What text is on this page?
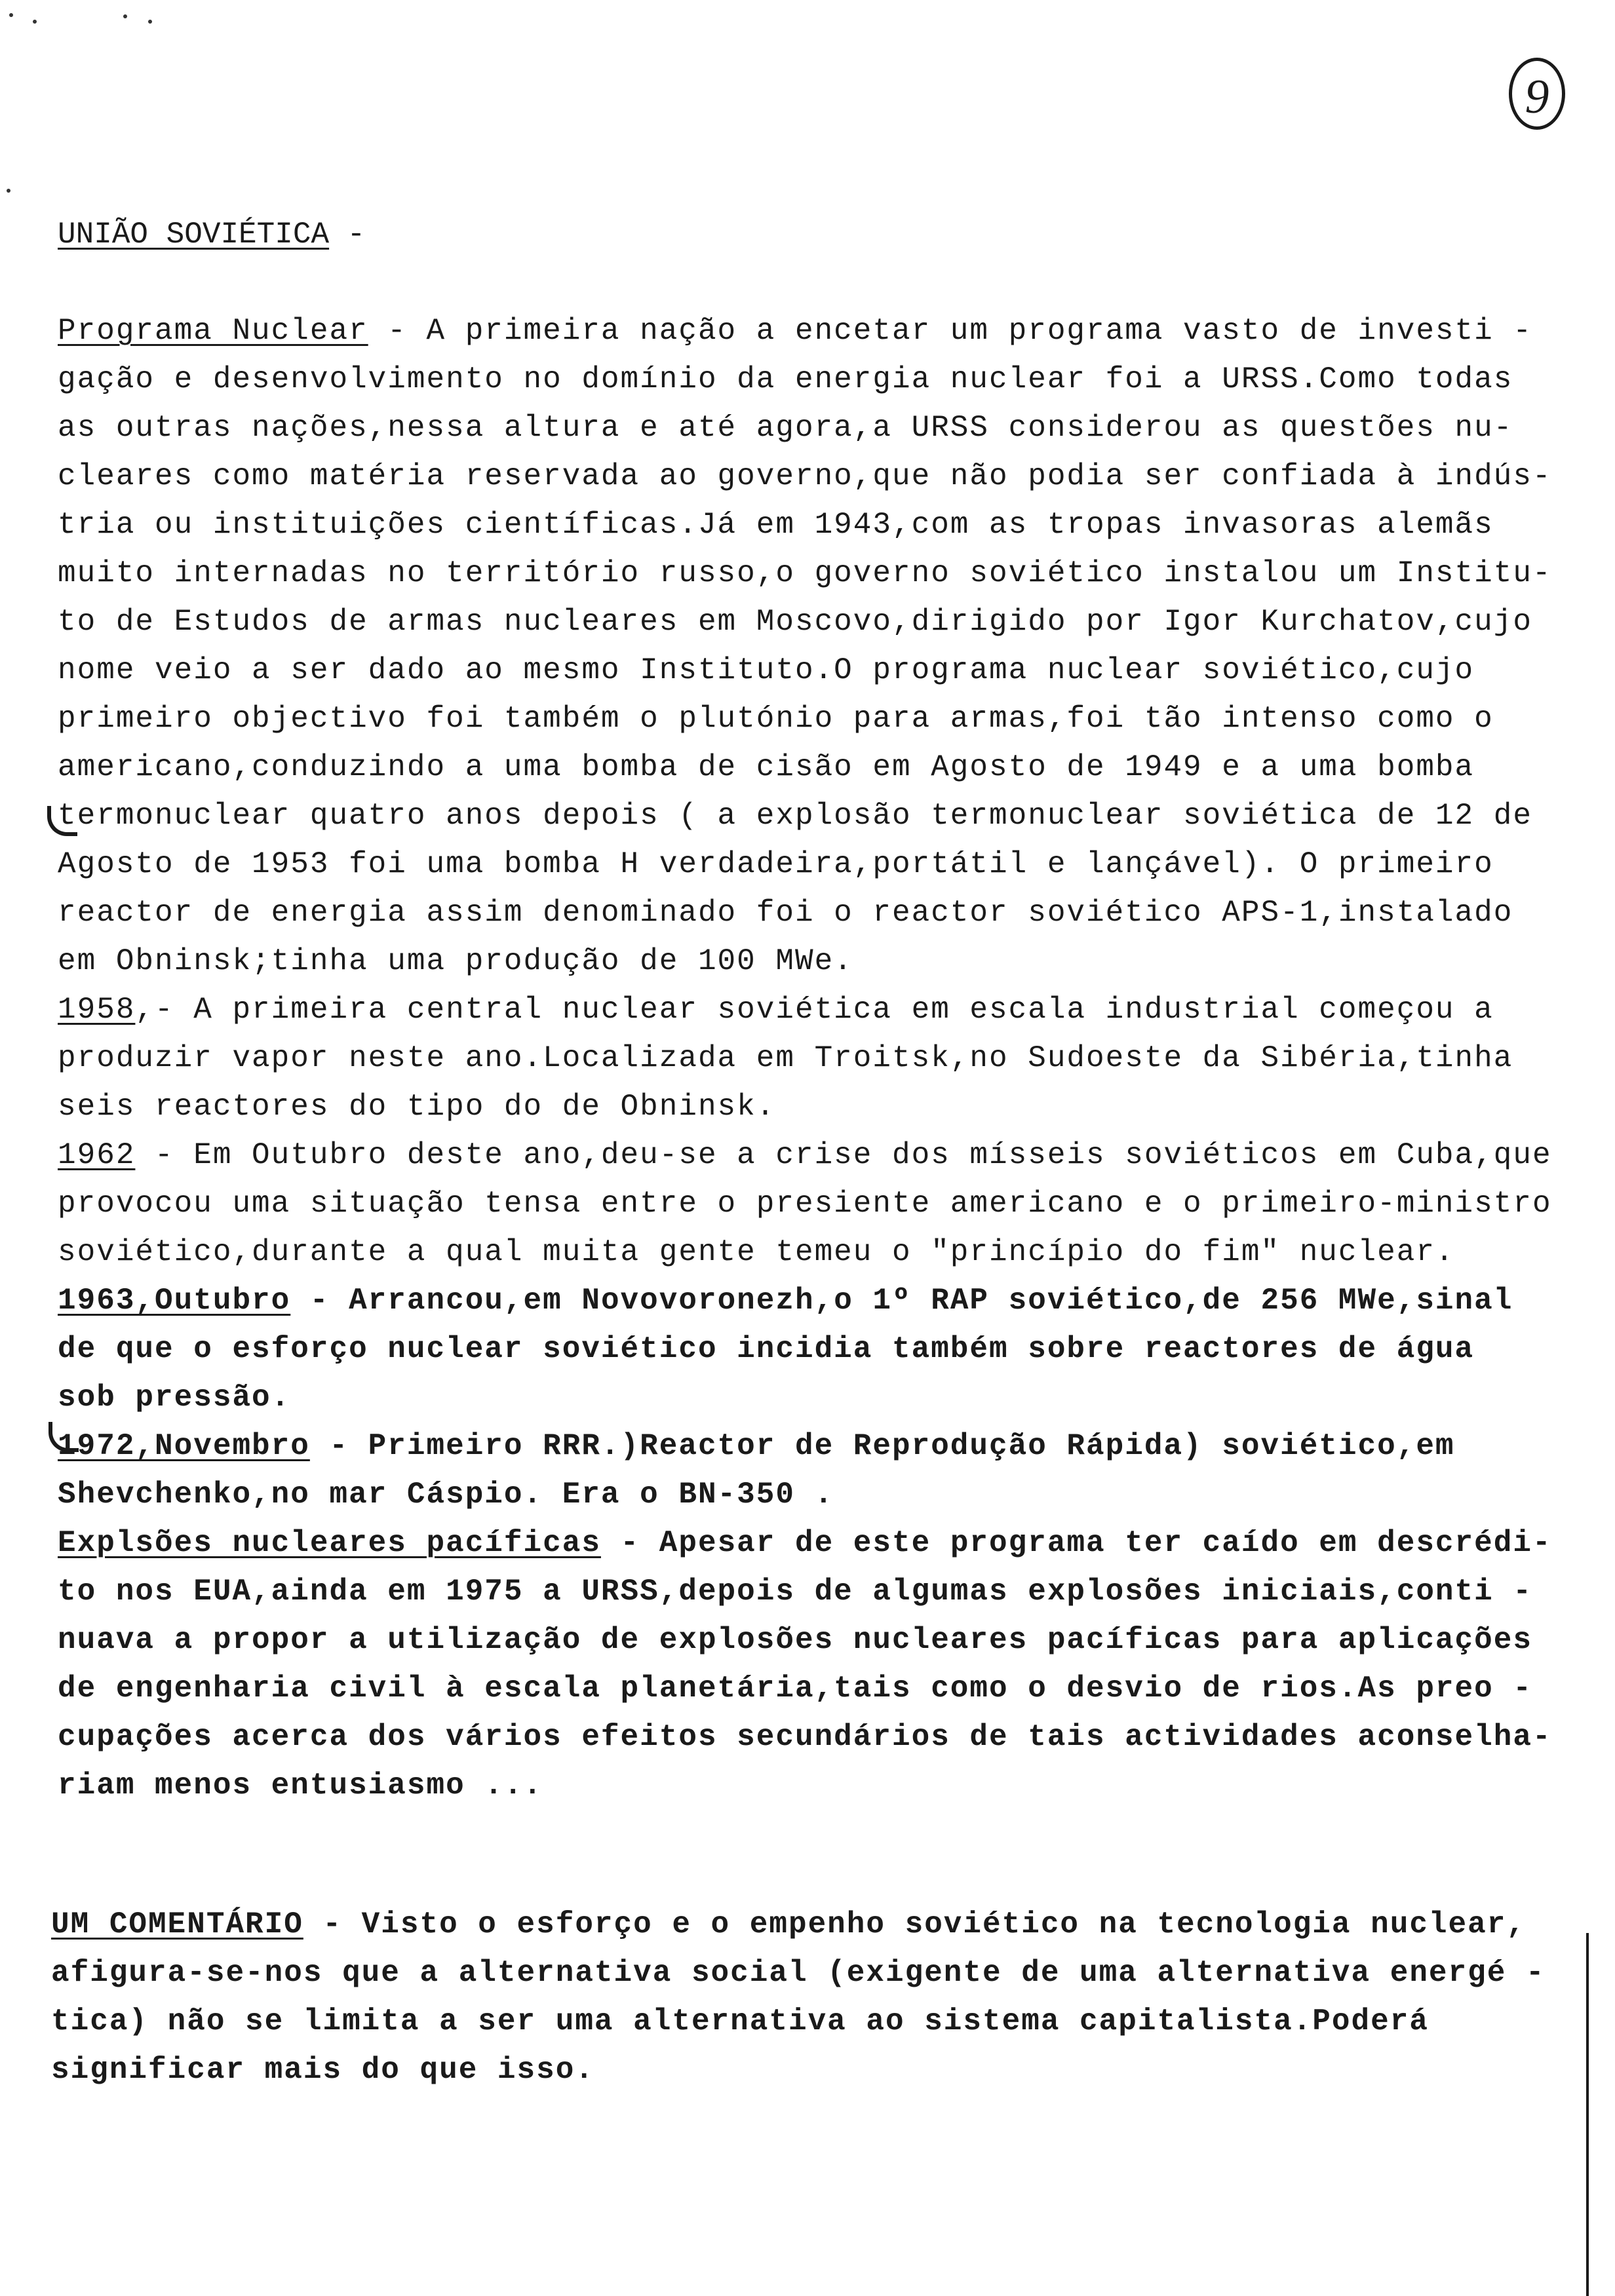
9
UNIÃO SOVIÉTICA -
Programa Nuclear - A primeira nação a encetar um programa vasto de investi -
gação e desenvolvimento no domínio da energia nuclear foi a URSS.Como todas
as outras nações,nessa altura e até agora,a URSS considerou as questões nu-
cleares como matéria reservada ao governo,que não podia ser confiada à indús-
tria ou instituições científicas.Já em 1943,com as tropas invasoras alemãs
muito internadas no território russo,o governo soviético instalou um Institu-
to de Estudos de armas nucleares em Moscovo,dirigido por Igor Kurchatov,cujo
nome veio a ser dado ao mesmo Instituto.O programa nuclear soviético,cujo
primeiro objectivo foi também o plutónio para armas,foi tão intenso como o
americano,conduzindo a uma bomba de cisão em Agosto de 1949 e a uma bomba
termonuclear quatro anos depois ( a explosão termonuclear soviética de 12 de
Agosto de 1953 foi uma bomba H verdadeira,portátil e lançável). O primeiro
reactor de energia assim denominado foi o reactor soviético APS-1,instalado
em Obninsk;tinha uma produção de 100 MWe.
1958,- A primeira central nuclear soviética em escala industrial começou a
produzir vapor neste ano.Localizada em Troitsk,no Sudoeste da Sibéria,tinha
seis reactores do tipo do de Obninsk.
1962 - Em Outubro deste ano,deu-se a crise dos mísseis soviéticos em Cuba,que
provocou uma situação tensa entre o presiente americano e o primeiro-ministro
soviético,durante a qual muita gente temeu o "princípio do fim" nuclear.
1963,Outubro - Arrancou,em Novovoronezh,o 1º RAP soviético,de 256 MWe,sinal
de que o esforço nuclear soviético incidia também sobre reactores de água
sob pressão.
1972,Novembro - Primeiro RRR.)Reactor de Reprodução Rápida) soviético,em
Shevchenko,no mar Cáspio. Era o BN-350 .
Explsões nucleares pacíficas - Apesar de este programa ter caído em descrédi-
to nos EUA,ainda em 1975 a URSS,depois de algumas explosões iniciais,conti -
nuava a propor a utilização de explosões nucleares pacíficas para aplicações
de engenharia civil à escala planetária,tais como o desvio de rios.As preo -
cupações acerca dos vários efeitos secundários de tais actividades aconselha-
riam menos entusiasmo ...
UM COMENTÁRIO - Visto o esforço e o empenho soviético na tecnologia nuclear,
afigura-se-nos que a alternativa social (exigente de uma alternativa energé -
tica) não se limita a ser uma alternativa ao sistema capitalista.Poderá
significar mais do que isso.
